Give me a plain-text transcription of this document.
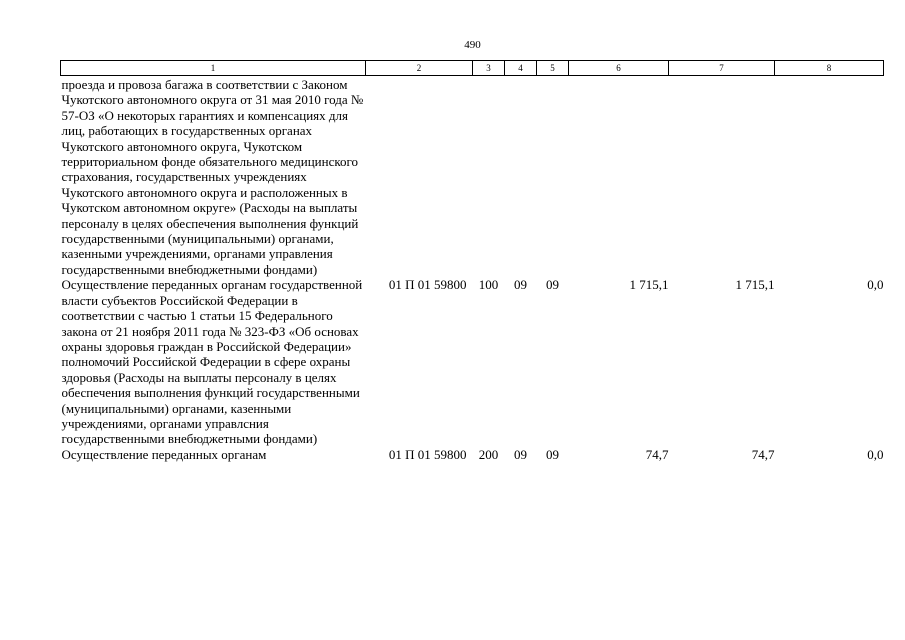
490
1	2	3	4	5	6	7	8
проезда и провоза багажа в соответствии с Законом Чукотского автономного округа от 31 мая 2010 года № 57-ОЗ «О некоторых гарантиях и компенсациях для лиц, работающих в государственных органах Чукотского автономного округа, Чукотском территориальном фонде обязательного медицинского страхования, государственных учреждениях Чукотского автономного округа и расположенных в Чукотском автономном округе» (Расходы на выплаты персоналу в целях обеспечения выполнения функций государственными (муниципальными) органами, казенными учреждениями, органами управления государственными внебюджетными фондами)							
Осуществление переданных органам государственной власти субъектов Российской Федерации в соответствии с частью 1 статьи 15 Федерального закона от 21 ноября 2011 года № 323-ФЗ «Об основах охраны здоровья граждан в Российской Федерации» полномочий Российской Федерации в сфере охраны здоровья (Расходы на выплаты персоналу в целях обеспечения выполнения функций государственными (муниципальными) органами, казенными учреждениями, органами управлсния государственными внебюджетными фондами)	01 П 01 59800	100	09	09	1 715,1	1 715,1	0,0
Осуществление переданных органам	01 П 01 59800	200	09	09	74,7	74,7	0,0
